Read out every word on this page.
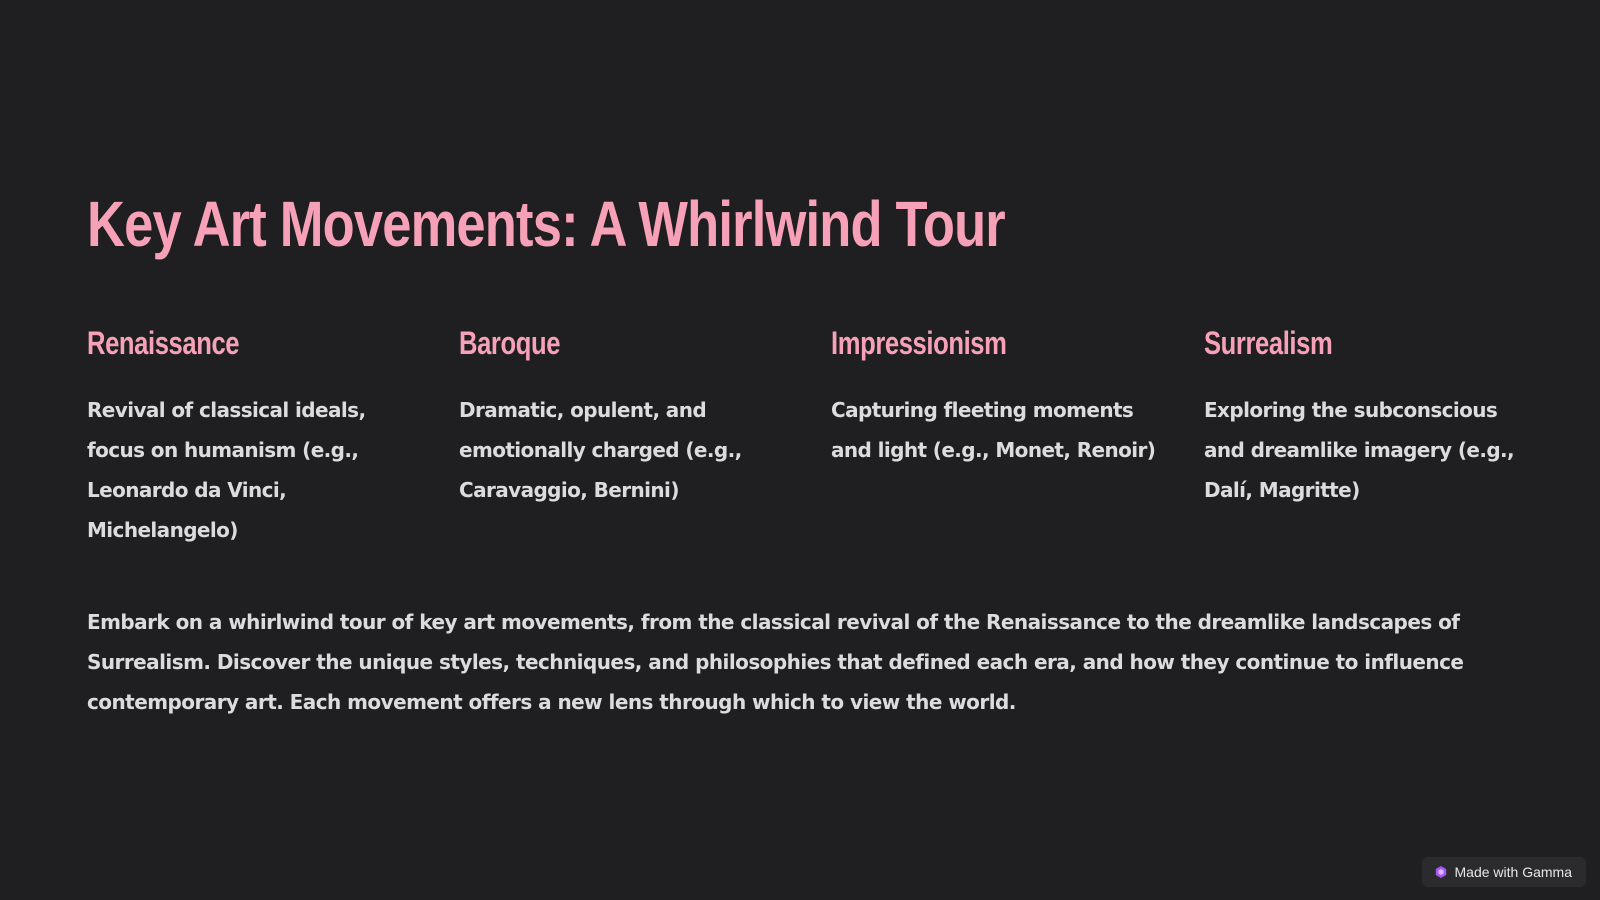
Key Art Movements: A Whirlwind Tour
Renaissance

Revival of classical ideals, focus on humanism (e.g., Leonardo da Vinci, Michelangelo)

Baroque

Dramatic, opulent, and emotionally charged (e.g., Caravaggio, Bernini)

Impressionism

Capturing fleeting moments and light (e.g., Monet, Renoir)

Surrealism

Exploring the subconscious and dreamlike imagery (e.g., Dalí, Magritte)

Embark on a whirlwind tour of key art movements, from the classical revival of the Renaissance to the dreamlike landscapes of Surrealism. Discover the unique styles, techniques, and philosophies that defined each era, and how they continue to influence contemporary art. Each movement offers a new lens through which to view the world.

Made with Gamma
